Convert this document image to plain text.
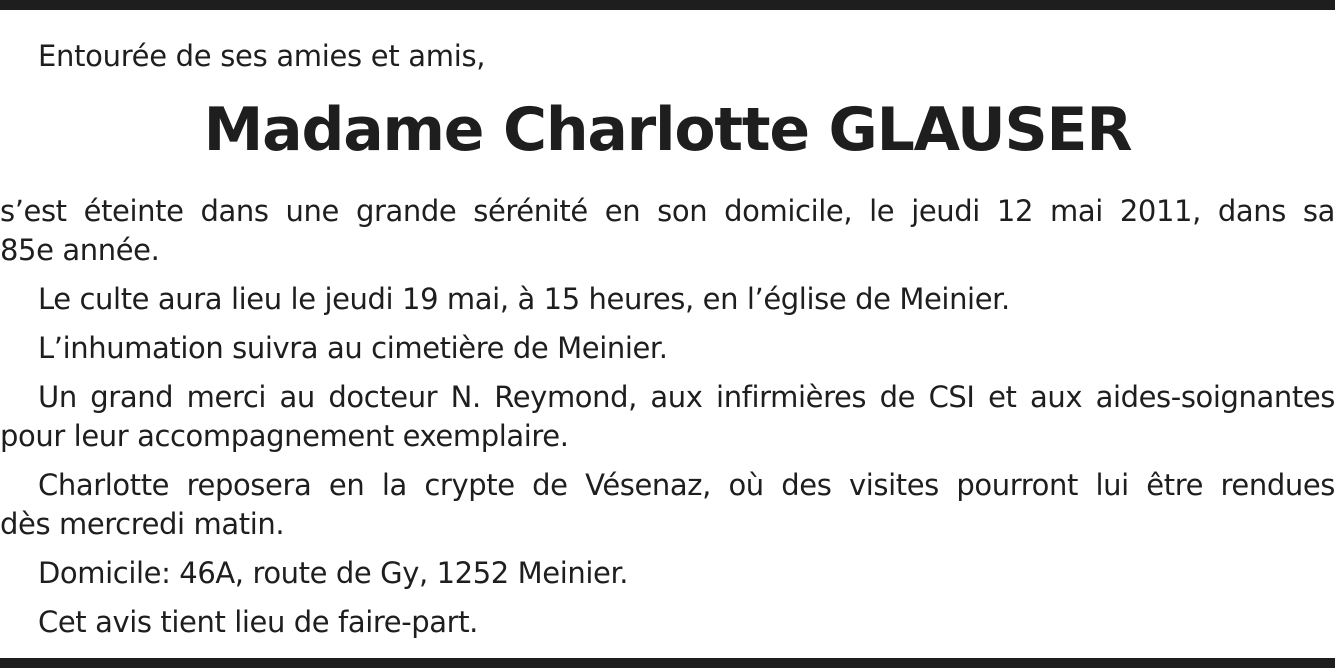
Entourée de ses amies et amis,
Madame Charlotte GLAUSER
s’est éteinte dans une grande sérénité en son domicile, le jeudi 12 mai 2011, dans sa
85e année.
Le culte aura lieu le jeudi 19 mai, à 15 heures, en l’église de Meinier.
L’inhumation suivra au cimetière de Meinier.
Un grand merci au docteur N. Reymond, aux infirmières de CSI et aux aides-soignantes
pour leur accompagnement exemplaire.
Charlotte reposera en la crypte de Vésenaz, où des visites pourront lui être rendues
dès mercredi matin.
Domicile: 46A, route de Gy, 1252 Meinier.
Cet avis tient lieu de faire-part.
